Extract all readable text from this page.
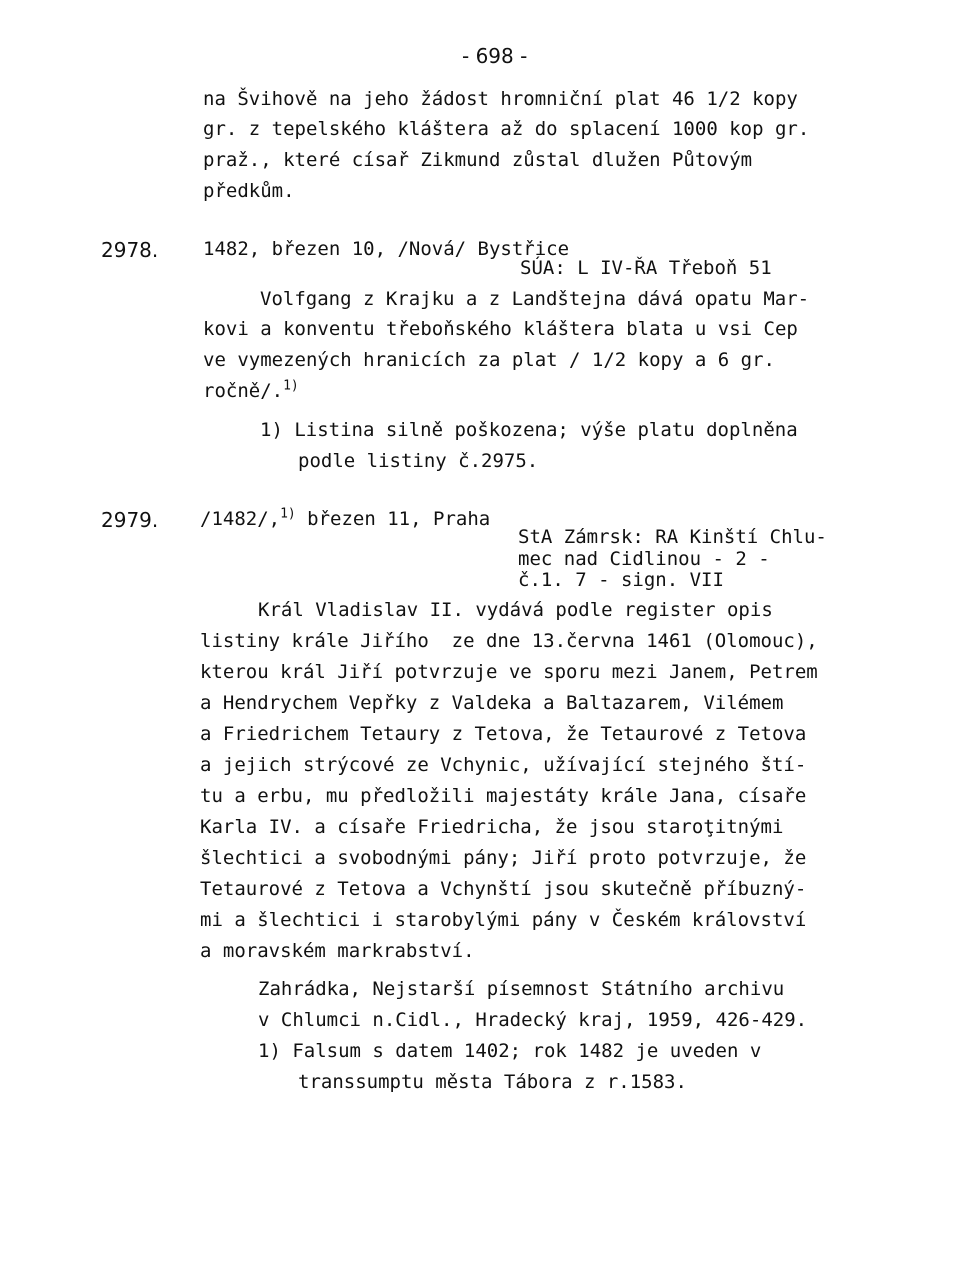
- 698 -
na Švihově na jeho žádost hromniční plat 46 1/2 kopy
gr. z tepelského kláštera až do splacení 1000 kop gr.
praž., které císař Zikmund zůstal dlužen Půtovým
předkům.
2978. 1482, březen 10, /Nová/ Bystřice
SÚA: L IV-ŘA Třeboň 51
Volfgang z Krajku a z Landštejna dává opatu Mar-
kovi a konventu třeboňského kláštera blata u vsi Cep
ve vymezených hranicích za plat / 1/2 kopy a 6 gr.
ročně/.$^{1)}$
1) Listina silně poškozena; výše platu doplněna
podle listiny č.2975.
2979. /1482/,$^{1)}$ březen 11, Praha
StA Zámrsk: RA Kinští Chlu-
mec nad Cidlinou - 2 -
č.1. 7 - sign. VII
Král Vladislav II. vydává podle register opis
listiny krále Jiřího  ze dne 13.června 1461 (Olomouc),
kterou král Jiří potvrzuje ve sporu mezi Janem, Petrem
a Hendrychem Vepřky z Valdeka a Baltazarem, Vilémem
a Friedrichem Tetaury z Tetova, že Tetaurové z Tetova
a jejich strýcové ze Vchynic, užívající stejného ští-
tu a erbu, mu předložili majestáty krále Jana, císaře
Karla IV. a císaře Friedricha, že jsou staroţitnými
šlechtici a svobodnými pány; Jiří proto potvrzuje, že
Tetaurové z Tetova a Vchynští jsou skutečně příbuzný-
mi a šlechtici i starobylými pány v Českém království
a moravském markrabství.
Zahrádka, Nejstarší písemnost Státního archivu
v Chlumci n.Cidl., Hradecký kraj, 1959, 426-429.
1) Falsum s datem 1402; rok 1482 je uveden v
transsumptu města Tábora z r.1583.
